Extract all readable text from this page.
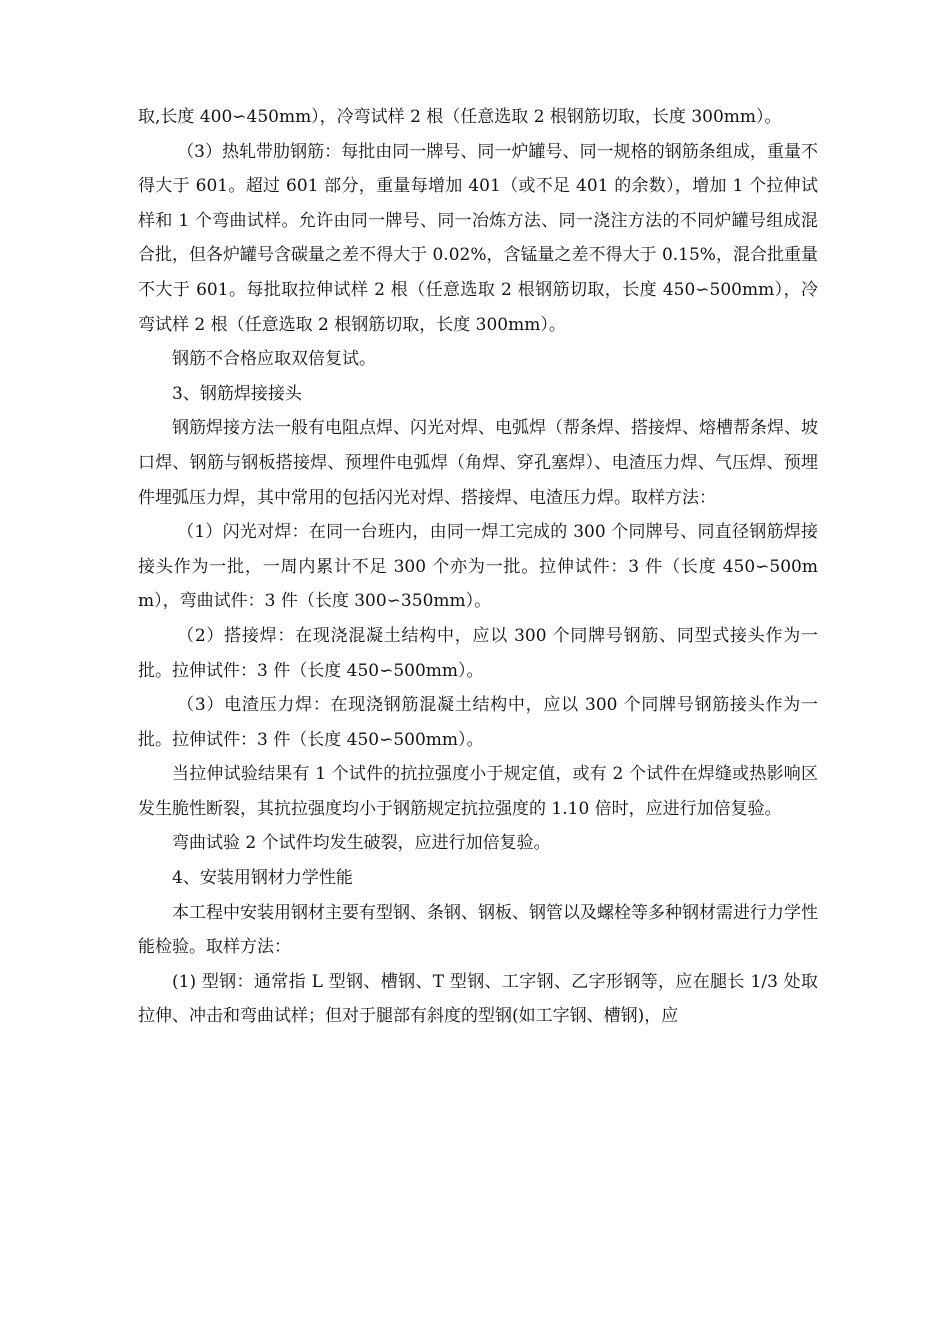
取,长度 400∽450mm），冷弯试样 2 根（任意选取 2 根钢筋切取，长度 300mm）。

（3）热轧带肋钢筋：每批由同一牌号、同一炉罐号、同一规格的钢筋条组成，重量不得大于 601。超过 601 部分，重量每增加 401（或不足 401 的余数），增加 1 个拉伸试样和 1 个弯曲试样。允许由同一牌号、同一冶炼方法、同一浇注方法的不同炉罐号组成混合批，但各炉罐号含碳量之差不得大于 0.02%，含锰量之差不得大于 0.15%，混合批重量不大于 601。每批取拉伸试样 2 根（任意选取 2 根钢筋切取，长度 450∽500mm），冷弯试样 2 根（任意选取 2 根钢筋切取，长度 300mm）。

钢筋不合格应取双倍复试。

3、钢筋焊接接头

钢筋焊接方法一般有电阻点焊、闪光对焊、电弧焊（帮条焊、搭接焊、熔槽帮条焊、坡口焊、钢筋与钢板搭接焊、预埋件电弧焊（角焊、穿孔塞焊）、电渣压力焊、气压焊、预埋件埋弧压力焊，其中常用的包括闪光对焊、搭接焊、电渣压力焊。取样方法：

（1）闪光对焊：在同一台班内，由同一焊工完成的 300 个同牌号、同直径钢筋焊接接头作为一批，一周内累计不足 300 个亦为一批。拉伸试件：3 件（长度 450∽500mm），弯曲试件：3 件（长度 300∽350mm）。

（2）搭接焊：在现浇混凝土结构中，应以 300 个同牌号钢筋、同型式接头作为一批。拉伸试件：3 件（长度 450∽500mm）。

（3）电渣压力焊：在现浇钢筋混凝土结构中，应以 300 个同牌号钢筋接头作为一批。拉伸试件：3 件（长度 450∽500mm）。

当拉伸试验结果有 1 个试件的抗拉强度小于规定值，或有 2 个试件在焊缝或热影响区发生脆性断裂，其抗拉强度均小于钢筋规定抗拉强度的 1.10 倍时，应进行加倍复验。

弯曲试验 2 个试件均发生破裂，应进行加倍复验。

4、安装用钢材力学性能

本工程中安装用钢材主要有型钢、条钢、钢板、钢管以及螺栓等多种钢材需进行力学性能检验。取样方法：

(1) 型钢：通常指 L 型钢、槽钢、T 型钢、工字钢、乙字形钢等，应在腿长 1/3 处取拉伸、冲击和弯曲试样；但对于腿部有斜度的型钢(如工字钢、槽钢)，应
